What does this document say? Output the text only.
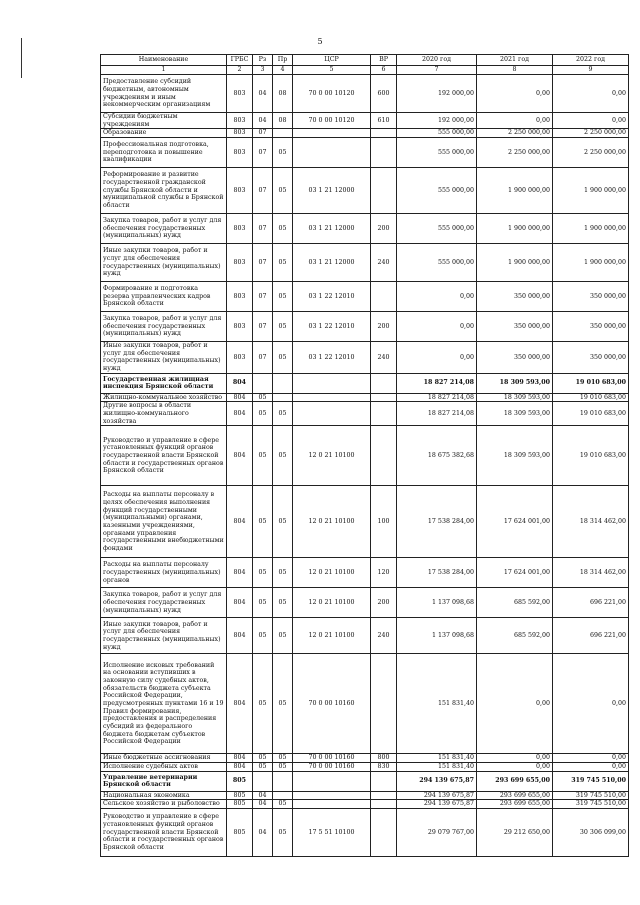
5
Наименование	ГРБС	Рз	Пр	ЦСР	ВР	2020 год	2021 год	2022 год
1	2	3	4	5	6	7	8	9
Предоставление субсидий бюджетным, автономным учреждениям и иным некоммерческим организациям	803	04	08	70 0 00 10120	600	192 000,00	0,00	0,00
Субсидии бюджетным учреждениям	803	04	08	70 0 00 10120	610	192 000,00	0,00	0,00
Образование	803	07				555 000,00	2 250 000,00	2 250 000,00
Профессиональная подготовка, переподготовка и повышение квалификации	803	07	05			555 000,00	2 250 000,00	2 250 000,00
Реформирование и развитие государственной гражданской службы Брянской области и муниципальной службы в Брянской области	803	07	05	03 1 21 12000		555 000,00	1 900 000,00	1 900 000,00
Закупка товаров, работ и услуг для обеспечения государственных (муниципальных) нужд	803	07	05	03 1 21 12000	200	555 000,00	1 900 000,00	1 900 000,00
Иные закупки товаров, работ и услуг для обеспечения государственных (муниципальных) нужд	803	07	05	03 1 21 12000	240	555 000,00	1 900 000,00	1 900 000,00
Формирование и подготовка резерва управленческих кадров Брянской области	803	07	05	03 1 22 12010		0,00	350 000,00	350 000,00
Закупка товаров, работ и услуг для обеспечения государственных (муниципальных) нужд	803	07	05	03 1 22 12010	200	0,00	350 000,00	350 000,00
Иные закупки товаров, работ и услуг для обеспечения государственных (муниципальных) нужд	803	07	05	03 1 22 12010	240	0,00	350 000,00	350 000,00
Государственная жилищная инспекция Брянской области	804					18 827 214,08	18 309 593,00	19 010 683,00
Жилищно-коммунальное хозяйство	804	05				18 827 214,08	18 309 593,00	19 010 683,00
Другие вопросы в области жилищно-коммунального хозяйства	804	05	05			18 827 214,08	18 309 593,00	19 010 683,00
Руководство и управление в сфере установленных функций органов государственной власти Брянской области и государственных органов Брянской области	804	05	05	12 0 21 10100		18 675 382,68	18 309 593,00	19 010 683,00
Расходы на выплаты персоналу в целях обеспечения выполнения функций государственными (муниципальными) органами, казенными учреждениями, органами управления государственными внебюджетными фондами	804	05	05	12 0 21 10100	100	17 538 284,00	17 624 001,00	18 314 462,00
Расходы на выплаты персоналу государственных (муниципальных) органов	804	05	05	12 0 21 10100	120	17 538 284,00	17 624 001,00	18 314 462,00
Закупка товаров, работ и услуг для обеспечения государственных (муниципальных) нужд	804	05	05	12 0 21 10100	200	1 137 098,68	685 592,00	696 221,00
Иные закупки товаров, работ и услуг для обеспечения государственных (муниципальных) нужд	804	05	05	12 0 21 10100	240	1 137 098,68	685 592,00	696 221,00
Исполнение исковых требований на основании вступивших в законную силу судебных актов, обязательств бюджета субъекта Российской Федерации, предусмотренных пунктами 16 и 19 Правил формирования, предоставления и распределения субсидий из федерального бюджета бюджетам субъектов Российской Федерации	804	05	05	70 0 00 10160		151 831,40	0,00	0,00
Иные бюджетные ассигнования	804	05	05	70 0 00 10160	800	151 831,40	0,00	0,00
Исполнение судебных актов	804	05	05	70 0 00 10160	830	151 831,40	0,00	0,00
Управление ветеринарии Брянской области	805					294 139 675,87	293 699 655,00	319 745 510,00
Национальная экономика	805	04				294 139 675,87	293 699 655,00	319 745 510,00
Сельское хозяйство и рыболовство	805	04	05			294 139 675,87	293 699 655,00	319 745 510,00
Руководство и управление в сфере установленных функций органов государственной власти Брянской области и государственных органов Брянской области	805	04	05	17 5 51 10100		29 079 767,00	29 212 650,00	30 306 099,00
